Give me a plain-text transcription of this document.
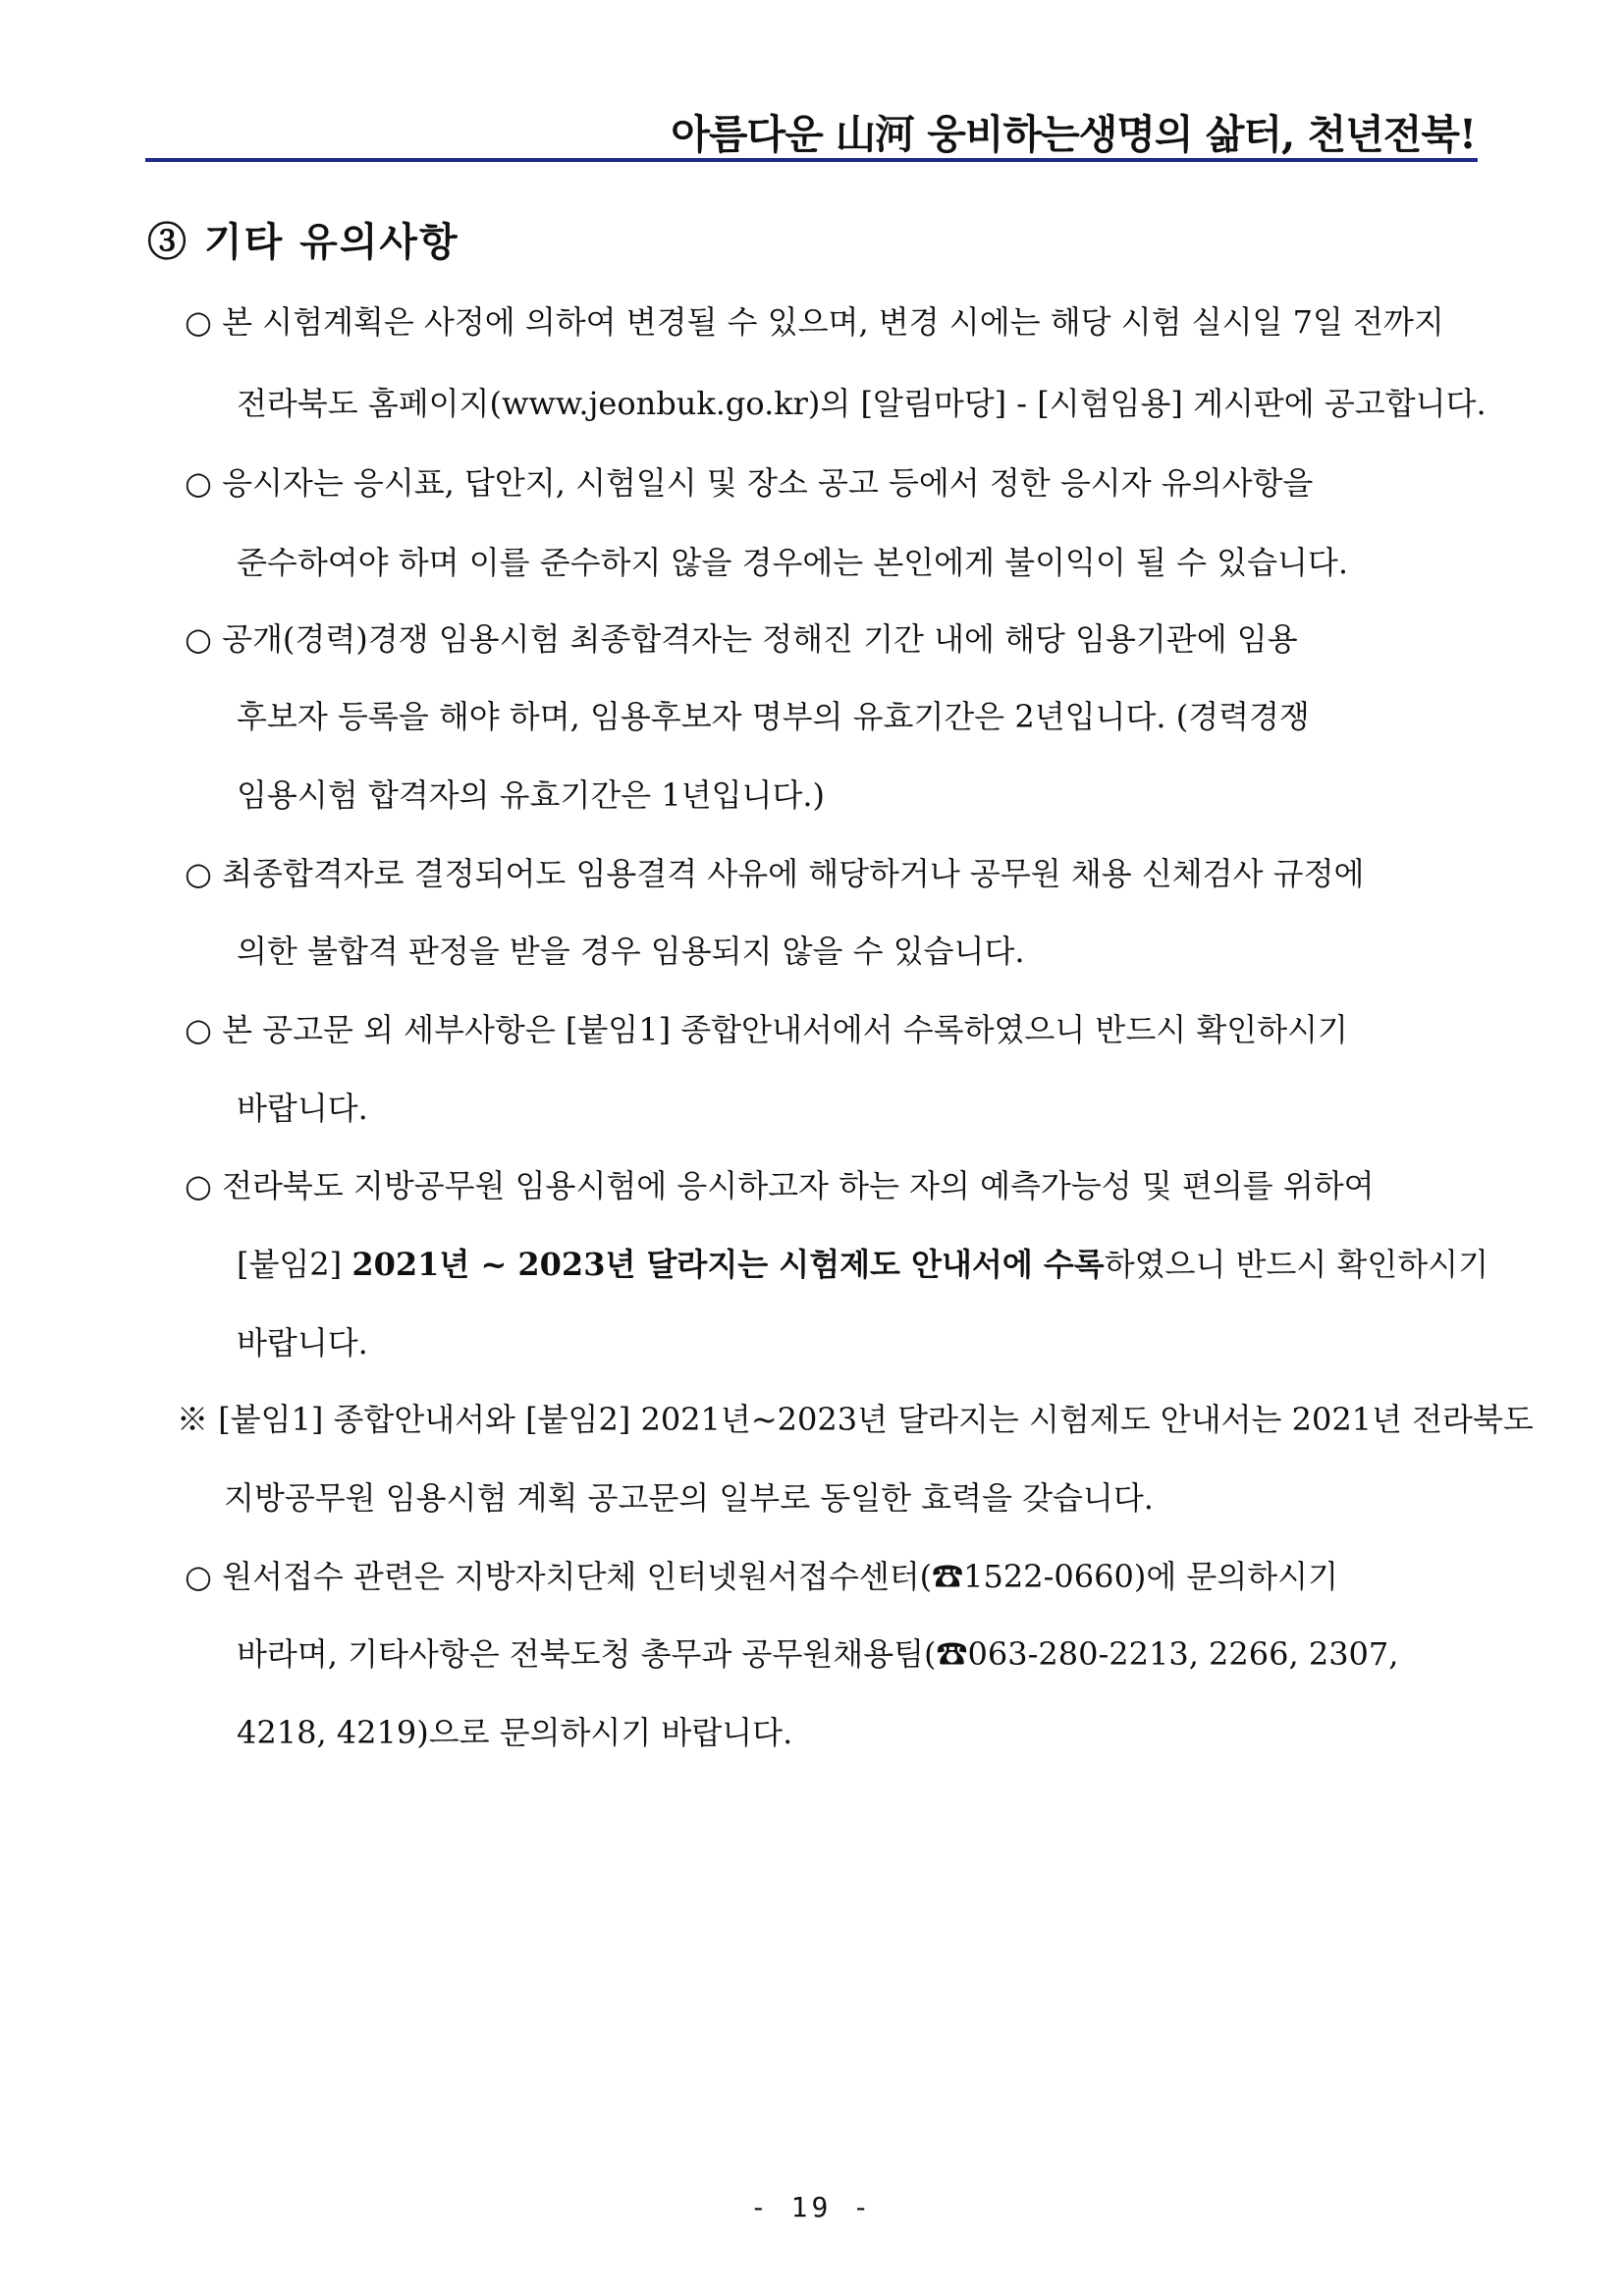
아름다운 山河 웅비하는생명의 삶터, 천년전북!
③ 기타 유의사항
○ 본 시험계획은 사정에 의하여 변경될 수 있으며, 변경 시에는 해당 시험 실시일 7일 전까지
전라북도 홈페이지(www.jeonbuk.go.kr)의 [알림마당] - [시험임용] 게시판에 공고합니다.
○ 응시자는 응시표, 답안지, 시험일시 및 장소 공고 등에서 정한 응시자 유의사항을
준수하여야 하며 이를 준수하지 않을 경우에는 본인에게 불이익이 될 수 있습니다.
○ 공개(경력)경쟁 임용시험 최종합격자는 정해진 기간 내에 해당 임용기관에 임용
후보자 등록을 해야 하며, 임용후보자 명부의 유효기간은 2년입니다. (경력경쟁
임용시험 합격자의 유효기간은 1년입니다.)
○ 최종합격자로 결정되어도 임용결격 사유에 해당하거나 공무원 채용 신체검사 규정에
의한 불합격 판정을 받을 경우 임용되지 않을 수 있습니다.
○ 본 공고문 외 세부사항은 [붙임1] 종합안내서에서 수록하였으니 반드시 확인하시기
바랍니다.
○ 전라북도 지방공무원 임용시험에 응시하고자 하는 자의 예측가능성 및 편의를 위하여
[붙임2] 2021년 ~ 2023년 달라지는 시험제도 안내서에 수록하였으니 반드시 확인하시기
바랍니다.
※ [붙임1] 종합안내서와 [붙임2] 2021년~2023년 달라지는 시험제도 안내서는 2021년 전라북도
지방공무원 임용시험 계획 공고문의 일부로 동일한 효력을 갖습니다.
○ 원서접수 관련은 지방자치단체 인터넷원서접수센터(☎1522-0660)에 문의하시기
바라며, 기타사항은 전북도청 총무과 공무원채용팀(☎063-280-2213, 2266, 2307,
4218, 4219)으로 문의하시기 바랍니다.
- 19 -
